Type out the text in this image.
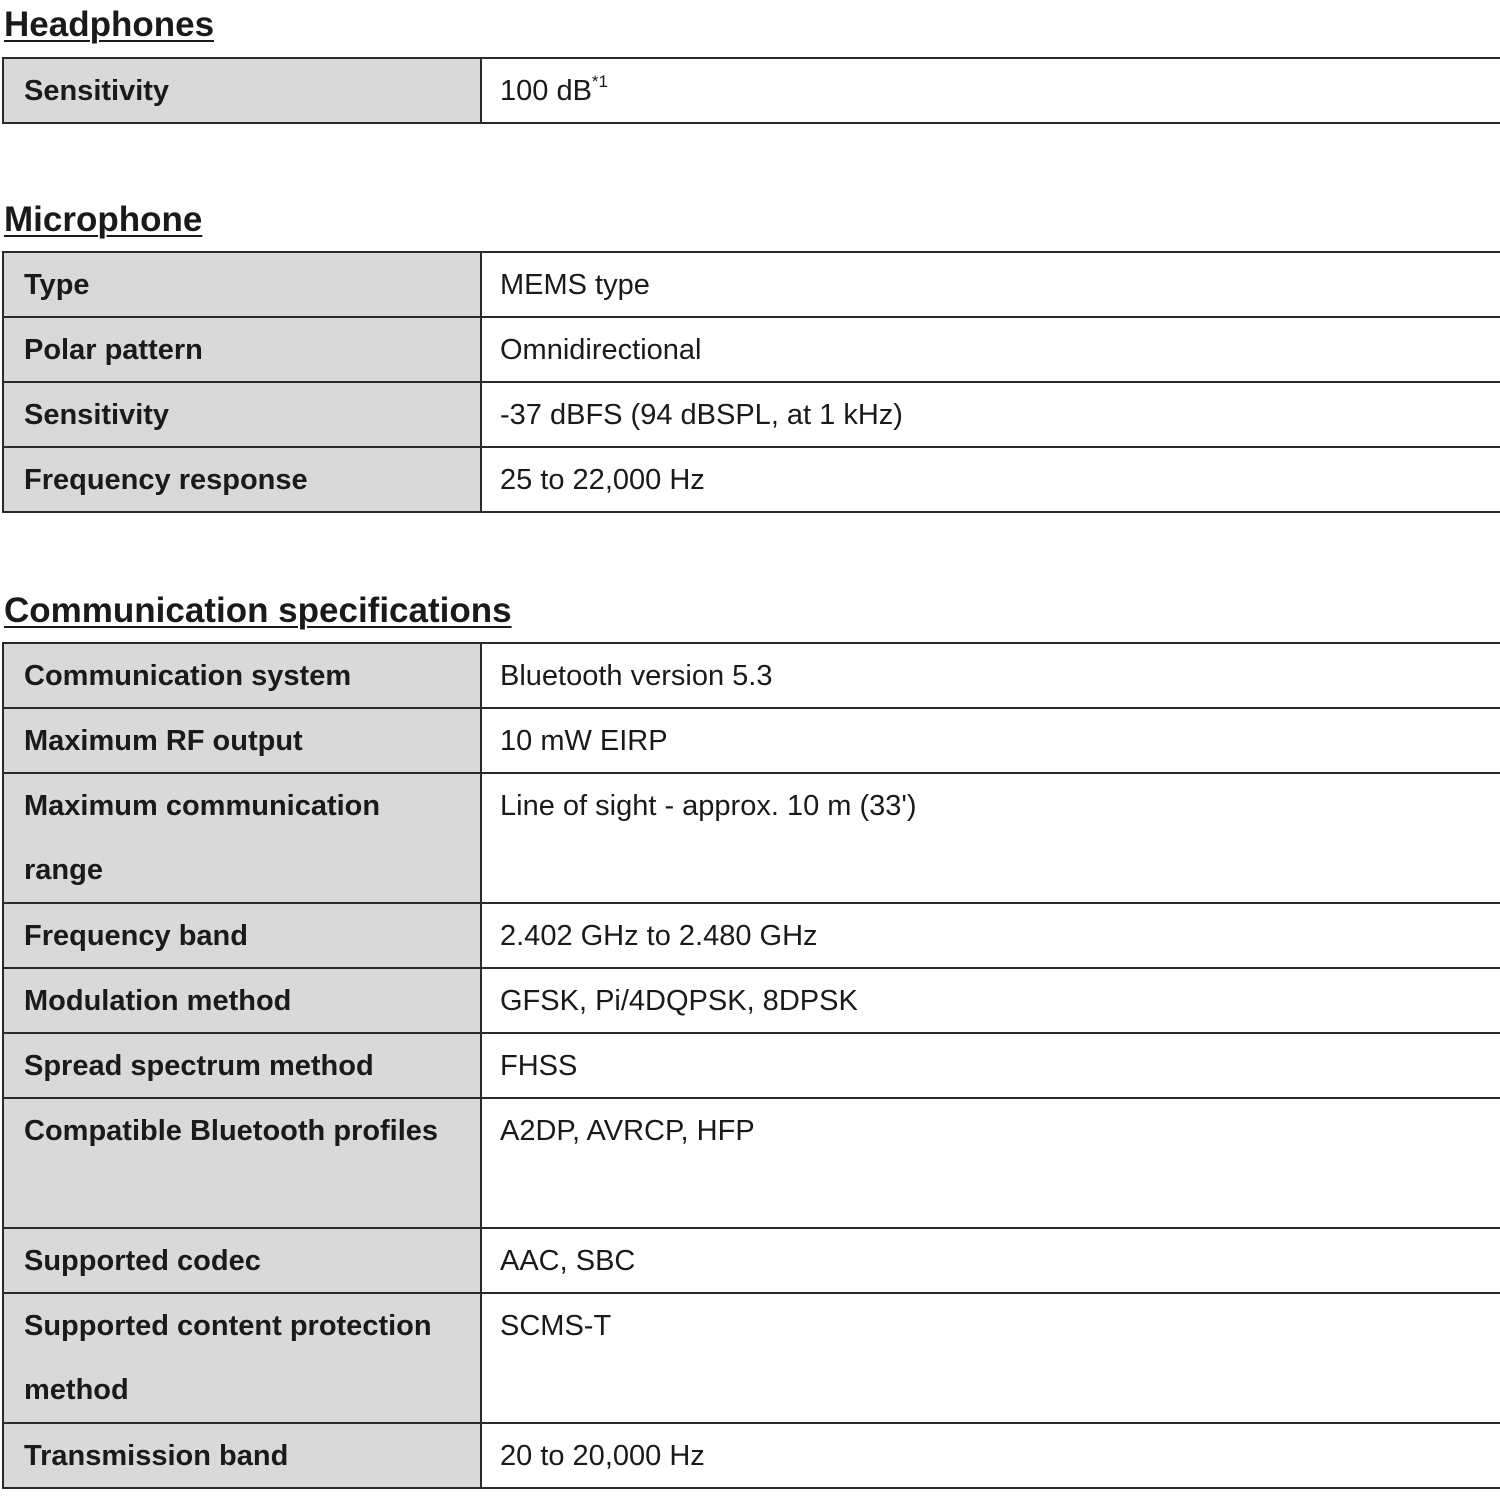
Headphones
Sensitivity	100 $dB^{*1}$
Microphone
Type	MEMS type
Polar pattern	Omnidirectional
Sensitivity	-37 dBFS (94 dBSPL, at 1 kHz)
Frequency response	25 to 22,000 Hz
Communication specifications
Communication system	Bluetooth version 5.3
Maximum RF output	10 mW EIRP
Maximum communication range	Line of sight - approx. 10 m (33')
Frequency band	2.402 GHz to 2.480 GHz
Modulation method	GFSK, Pi/4DQPSK, 8DPSK
Spread spectrum method	FHSS
Compatible Bluetooth profiles	A2DP, AVRCP, HFP
Supported codec	AAC, SBC
Supported content protection method	SCMS-T
Transmission band	20 to 20,000 Hz
